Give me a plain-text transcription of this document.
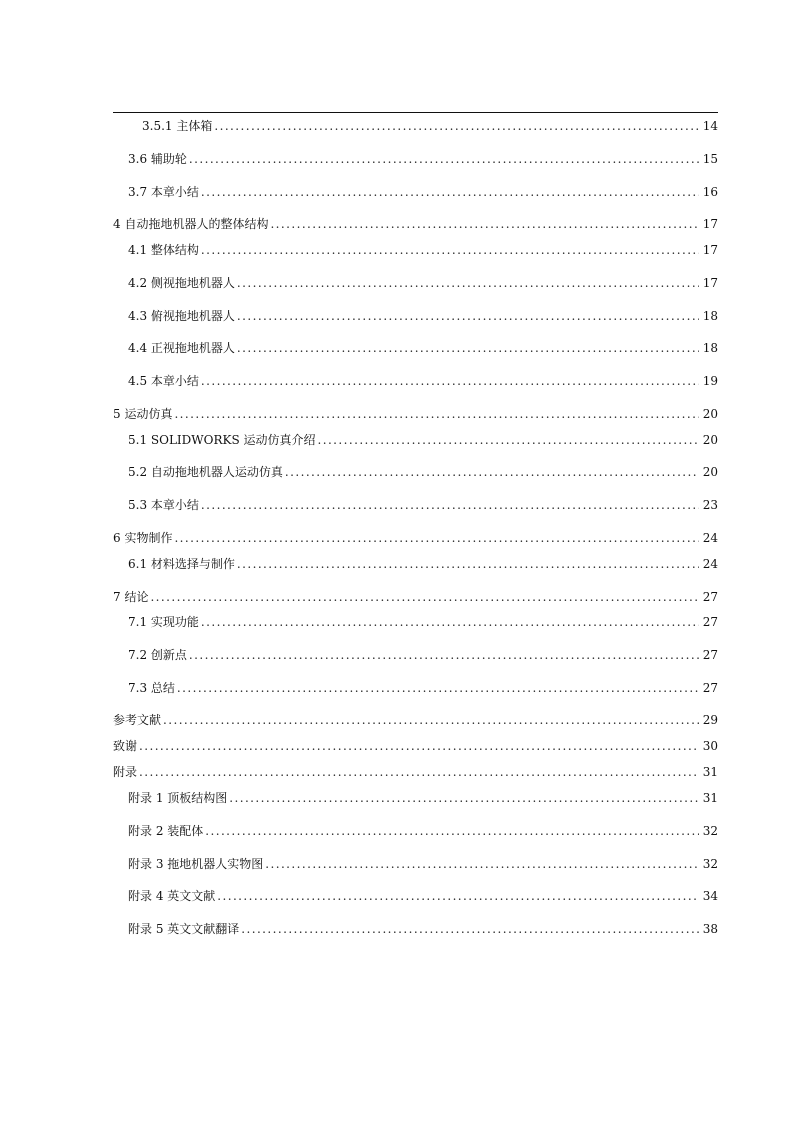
3.5.1 主体箱 . . .	14
3.6 辅助轮 . . .	15
3.7 本章小结 . . .	16
4 自动拖地机器人的整体结构 . . .	17
4.1 整体结构 . . .	17
4.2 侧视拖地机器人 . . .	17
4.3 俯视拖地机器人 . . .	18
4.4 正视拖地机器人 . . .	18
4.5 本章小结 . . .	19
5 运动仿真 . . .	20
5.1 SOLIDWORKS 运动仿真介绍 . . .	20
5.2 自动拖地机器人运动仿真 . . .	20
5.3 本章小结 . . .	23
6 实物制作 . . .	24
6.1 材料选择与制作 . . .	24
7 结论 . . .	27
7.1 实现功能 . . .	27
7.2 创新点 . . .	27
7.3 总结 . . .	27
参考文献 . . .	29
致谢 . . .	30
附录 . . .	31
附录 1 顶板结构图 . . .	31
附录 2 装配体 . . .	32
附录 3 拖地机器人实物图 . . .	32
附录 4 英文文献 . . .	34
附录 5 英文文献翻译 . . .	38
